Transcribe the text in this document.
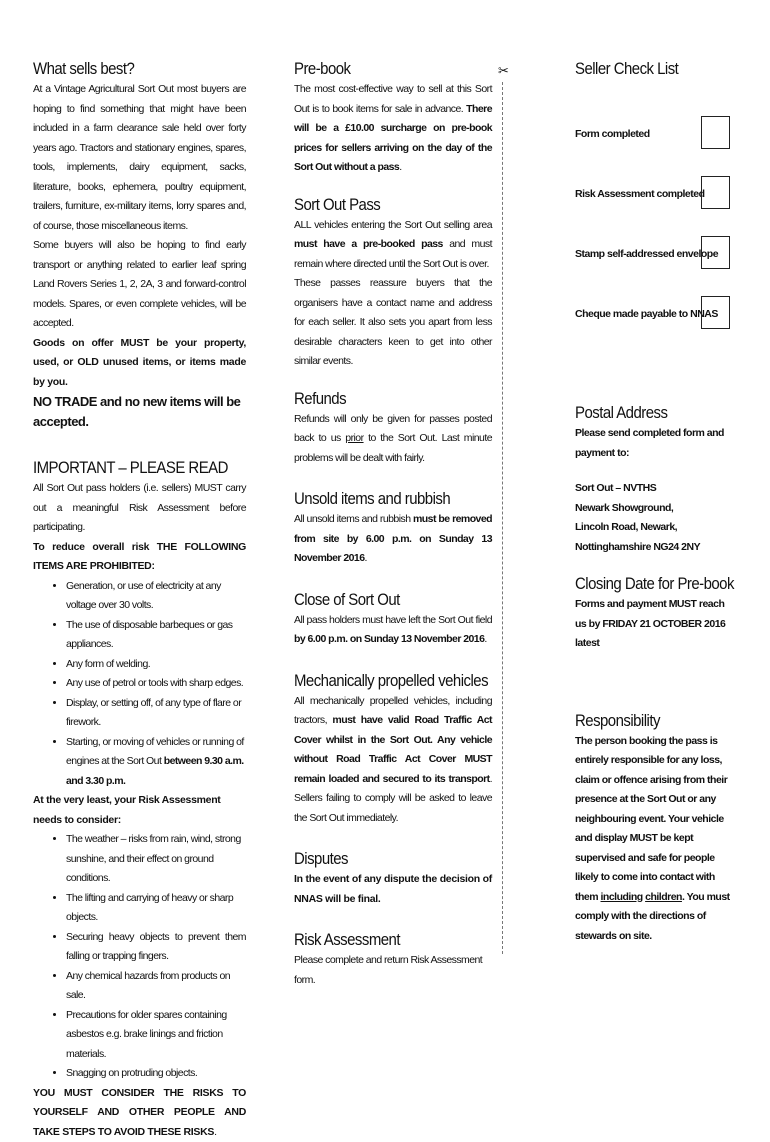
What sells best?

At a Vintage Agricultural Sort Out most buyers are hoping to find something that might have been included in a farm clearance sale held over forty years ago. Tractors and stationary engines, spares, tools, implements, dairy equipment, sacks, literature, books, ephemera, poultry equipment, trailers, furniture, ex-military items, lorry spares and, of course, those miscellaneous items.

Some buyers will also be hoping to find early transport or anything related to earlier leaf spring Land Rovers Series 1, 2, 2A, 3 and forward-control models. Spares, or even complete vehicles, will be accepted.

Goods on offer MUST be your property, used, or OLD unused items, or items made by you.

NO TRADE and no new items will be accepted.

IMPORTANT – PLEASE READ

All Sort Out pass holders (i.e. sellers) MUST carry out a meaningful Risk Assessment before participating.

To reduce overall risk THE FOLLOWING ITEMS ARE PROHIBITED:

• Generation, or use of electricity at any voltage over 30 volts.
• The use of disposable barbeques or gas appliances.
• Any form of welding.
• Any use of petrol or tools with sharp edges.
• Display, or setting off, of any type of flare or firework.
• Starting, or moving of vehicles or running of engines at the Sort Out between 9.30 a.m. and 3.30 p.m.

At the very least, your Risk Assessment needs to consider:

• The weather – risks from rain, wind, strong sunshine, and their effect on ground conditions.
• The lifting and carrying of heavy or sharp objects.
• Securing heavy objects to prevent them falling or trapping fingers.
• Any chemical hazards from products on sale.
• Precautions for older spares containing asbestos e.g. brake linings and friction materials.
• Snagging on protruding objects.

YOU MUST CONSIDER THE RISKS TO YOURSELF AND OTHER PEOPLE AND TAKE STEPS TO AVOID THESE RISKS.

✂
Pre-book

The most cost-effective way to sell at this Sort Out is to book items for sale in advance. There will be a £10.00 surcharge on pre-book prices for sellers arriving on the day of the Sort Out without a pass.

Sort Out Pass

ALL vehicles entering the Sort Out selling area must have a pre-booked pass and must remain where directed until the Sort Out is over.

These passes reassure buyers that the organisers have a contact name and address for each seller. It also sets you apart from less desirable characters keen to get into other similar events.

Refunds

Refunds will only be given for passes posted back to us prior to the Sort Out. Last minute problems will be dealt with fairly.

Unsold items and rubbish

All unsold items and rubbish must be removed from site by 6.00 p.m. on Sunday 13 November 2016.

Close of Sort Out

All pass holders must have left the Sort Out field by 6.00 p.m. on Sunday 13 November 2016.

Mechanically propelled vehicles

All mechanically propelled vehicles, including tractors, must have valid Road Traffic Act Cover whilst in the Sort Out. Any vehicle without Road Traffic Act Cover MUST remain loaded and secured to its transport. Sellers failing to comply will be asked to leave the Sort Out immediately.

Disputes

In the event of any dispute the decision of NNAS will be final.

Risk Assessment

Please complete and return Risk Assessment form.

Seller Check List
Form completed
Risk Assessment completed
Stamp self-addressed envelope
Cheque made payable to NNAS
Postal Address

Please send completed form and payment to:

Sort Out – NVTHS

Newark Showground,

Lincoln Road, Newark,

Nottinghamshire NG24 2NY

Closing Date for Pre-book

Forms and payment MUST reach us by FRIDAY 21 OCTOBER 2016 latest

Responsibility

The person booking the pass is entirely responsible for any loss, claim or offence arising from their presence at the Sort Out or any neighbouring event. Your vehicle and display MUST be kept supervised and safe for people likely to come into contact with them including children. You must comply with the directions of stewards on site.
